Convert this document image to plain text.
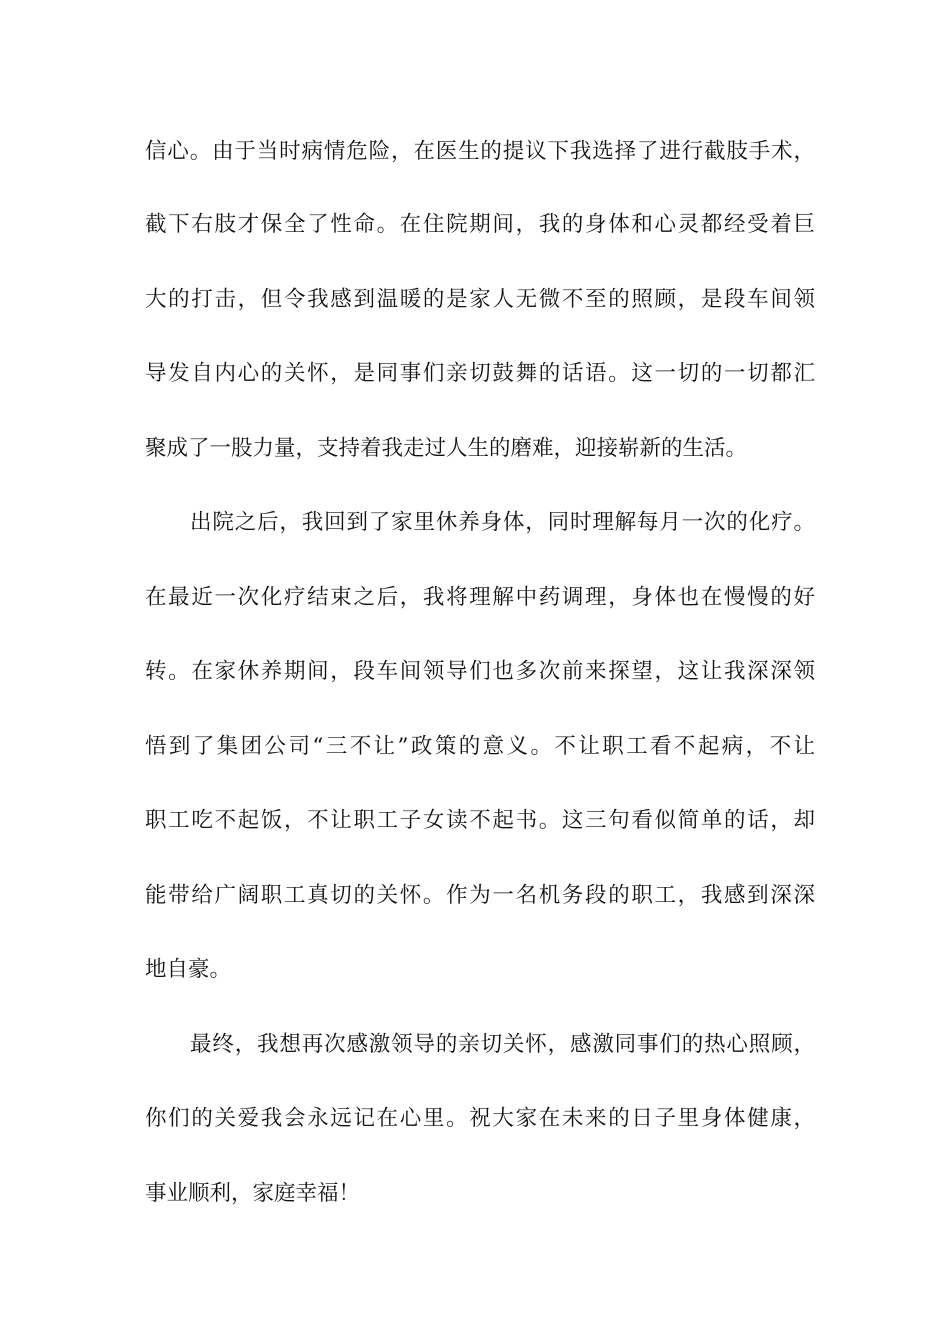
信心。由于当时病情危险，在医生的提议下我选择了进行截肢手术，
截下右肢才保全了性命。在住院期间，我的身体和心灵都经受着巨
大的打击，但令我感到温暖的是家人无微不至的照顾，是段车间领
导发自内心的关怀，是同事们亲切鼓舞的话语。这一切的一切都汇
聚成了一股力量，支持着我走过人生的磨难，迎接崭新的生活。
出院之后，我回到了家里休养身体，同时理解每月一次的化疗。
在最近一次化疗结束之后，我将理解中药调理，身体也在慢慢的好
转。在家休养期间，段车间领导们也多次前来探望，这让我深深领
悟到了集团公司“三不让”政策的意义。不让职工看不起病，不让
职工吃不起饭，不让职工子女读不起书。这三句看似简单的话，却
能带给广阔职工真切的关怀。作为一名机务段的职工，我感到深深
地自豪。
最终，我想再次感激领导的亲切关怀，感激同事们的热心照顾，
你们的关爱我会永远记在心里。祝大家在未来的日子里身体健康，
事业顺利，家庭幸福！
